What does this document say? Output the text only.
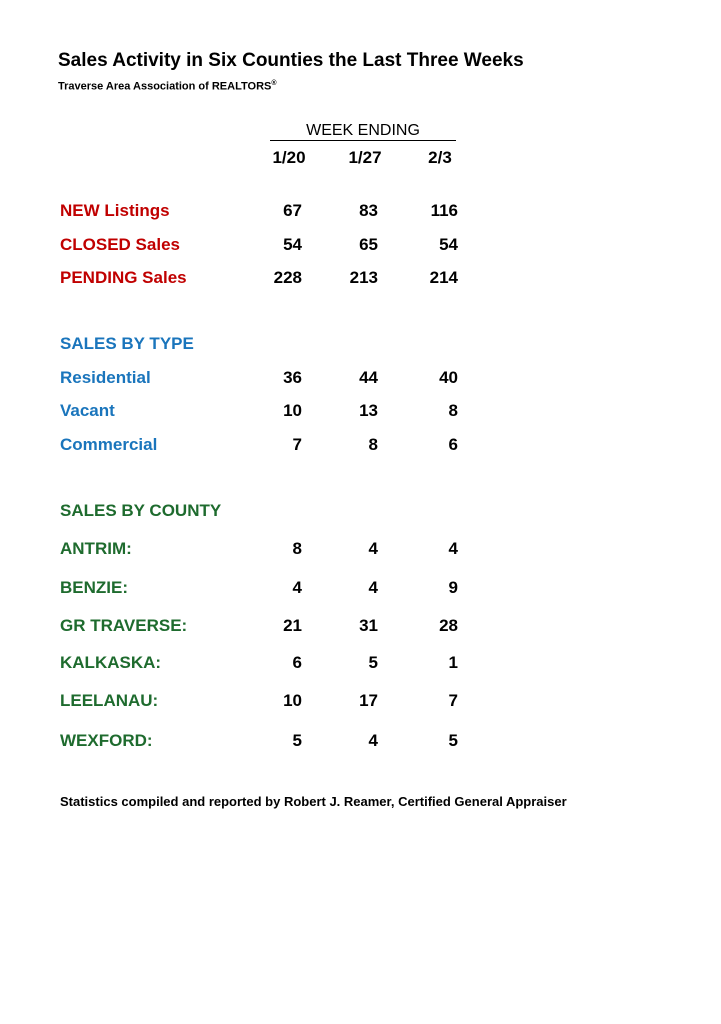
Sales Activity in Six Counties the Last Three Weeks
Traverse Area Association of REALTORS®
WEEK ENDING
1/20	1/27	2/3
NEW Listings	67	83	116
CLOSED Sales	54	65	54
PENDING Sales	228	213	214
SALES BY TYPE
Residential	36	44	40
Vacant	10	13	8
Commercial	7	8	6
SALES BY COUNTY
ANTRIM:	8	4	4
BENZIE:	4	4	9
GR TRAVERSE:	21	31	28
KALKASKA:	6	5	1
LEELANAU:	10	17	7
WEXFORD:	5	4	5
Statistics compiled and reported by Robert J. Reamer, Certified General Appraiser
